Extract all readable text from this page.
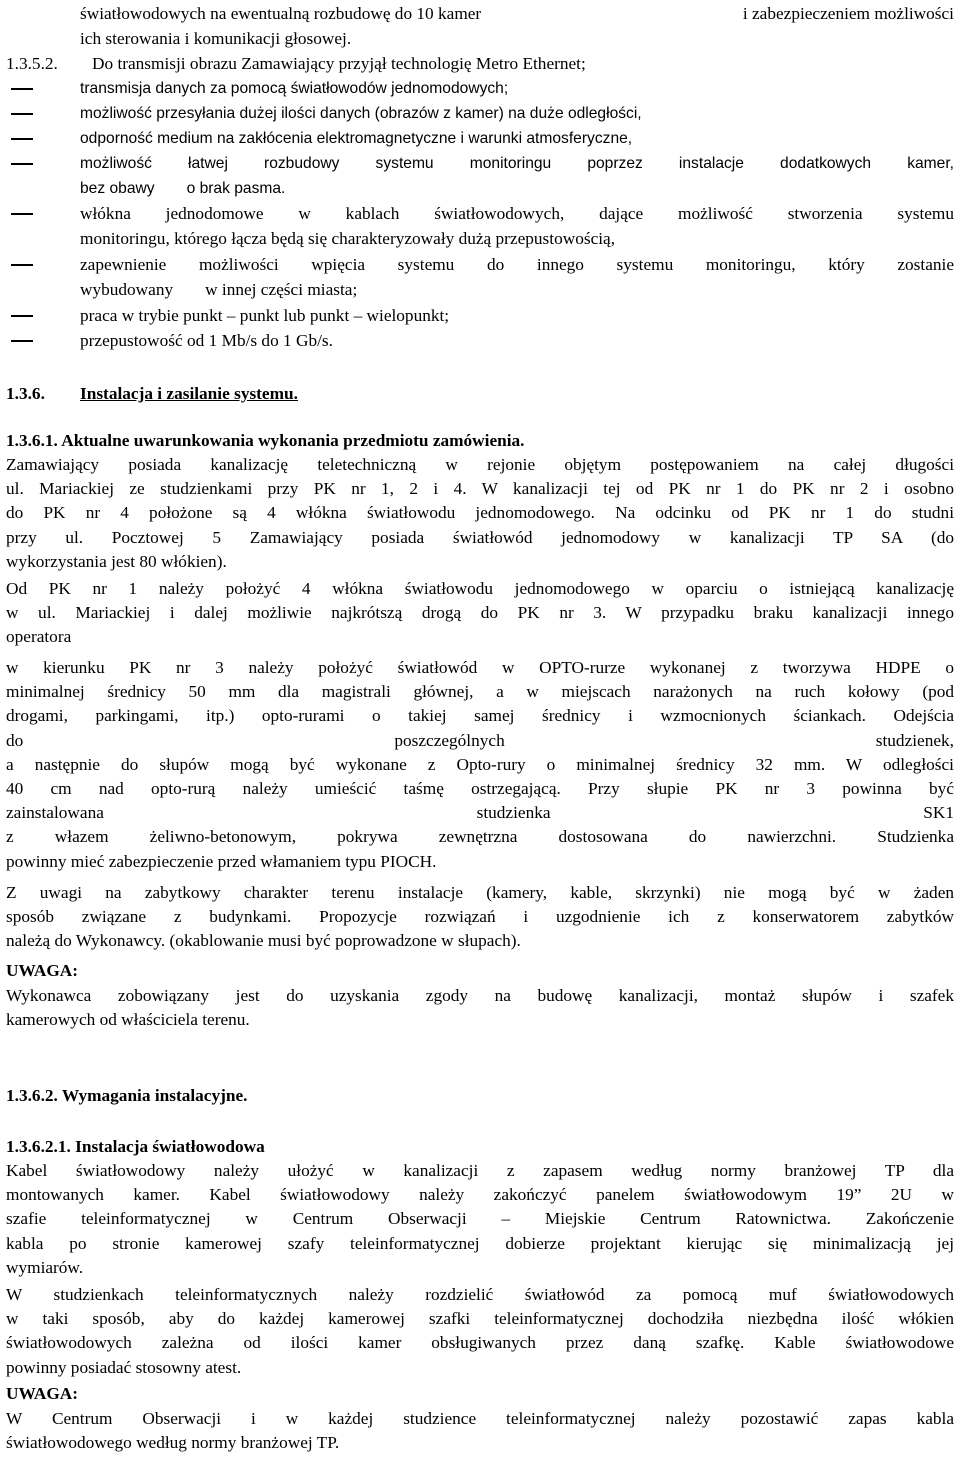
światłowodowych na ewentualną rozbudowę do 10 kamer	i zabezpieczeniem możliwości
ich sterowania i komunikacji głosowej.
1.3.5.2. Do transmisji obrazu Zamawiający przyjął technologię Metro Ethernet;
transmisja danych za pomocą światłowodów jednomodowych;
możliwość przesyłania dużej ilości danych (obrazów z kamer) na duże odległości,
odporność medium na zakłócenia elektromagnetyczne i warunki atmosferyczne,
możliwość łatwej rozbudowy systemu monitoringu poprzez instalacje dodatkowych kamer,
bez obawy o brak pasma.
włókna jednodomowe w kablach światłowodowych, dające możliwość stworzenia systemu
monitoringu, którego łącza będą się charakteryzowały dużą przepustowością,
zapewnienie możliwości wpięcia systemu do innego systemu monitoringu, który zostanie
wybudowany w innej części miasta;
praca w trybie punkt – punkt lub punkt – wielopunkt;
przepustowość od 1 Mb/s do 1 Gb/s.
1.3.6. Instalacja i zasilanie systemu.
1.3.6.1. Aktualne uwarunkowania wykonania przedmiotu zamówienia.
Zamawiający posiada kanalizację teletechniczną w rejonie objętym postępowaniem na całej długości
ul. Mariackiej ze studzienkami przy PK nr 1, 2 i 4. W kanalizacji tej od PK nr 1 do PK nr 2 i osobno
do PK nr 4 położone są 4 włókna światłowodu jednomodowego. Na odcinku od PK nr 1 do studni
przy ul. Pocztowej 5 Zamawiający posiada światłowód jednomodowy w kanalizacji TP SA (do
wykorzystania jest 80 włókien).
Od PK nr 1 należy położyć 4 włókna światłowodu jednomodowego w oparciu o istniejącą kanalizację
w ul. Mariackiej i dalej możliwie najkrótszą drogą do PK nr 3. W przypadku braku kanalizacji innego
operatora
w kierunku PK nr 3 należy położyć światłowód w OPTO-rurze wykonanej z tworzywa HDPE o
minimalnej średnicy 50 mm dla magistrali głównej, a w miejscach narażonych na ruch kołowy (pod
drogami, parkingami, itp.) opto-rurami o takiej samej średnicy i wzmocnionych ściankach. Odejścia
do poszczególnych studzienek,
a następnie do słupów mogą być wykonane z Opto-rury o minimalnej średnicy 32 mm. W odległości
40 cm nad opto-rurą należy umieścić taśmę ostrzegającą. Przy słupie PK nr 3 powinna być
zainstalowana studzienka SK1
z włazem żeliwno-betonowym, pokrywa zewnętrzna dostosowana do nawierzchni. Studzienka
powinny mieć zabezpieczenie przed włamaniem typu PIOCH.
Z uwagi na zabytkowy charakter terenu instalacje (kamery, kable, skrzynki) nie mogą być w żaden
sposób związane z budynkami. Propozycje rozwiązań i uzgodnienie ich z konserwatorem zabytków
należą do Wykonawcy. (okablowanie musi być poprowadzone w słupach).
UWAGA:
Wykonawca zobowiązany jest do uzyskania zgody na budowę kanalizacji, montaż słupów i szafek
kamerowych od właściciela terenu.
1.3.6.2. Wymagania instalacyjne.
1.3.6.2.1. Instalacja światłowodowa
Kabel światłowodowy należy ułożyć w kanalizacji z zapasem według normy branżowej TP dla
montowanych kamer. Kabel światłowodowy należy zakończyć panelem światłowodowym 19” 2U w
szafie teleinformatycznej w Centrum Obserwacji – Miejskie Centrum Ratownictwa. Zakończenie
kabla po stronie kamerowej szafy teleinformatycznej dobierze projektant kierując się minimalizacją jej
wymiarów.
W studzienkach teleinformatycznych należy rozdzielić światłowód za pomocą muf światłowodowych
w taki sposób, aby do każdej kamerowej szafki teleinformatycznej dochodziła niezbędna ilość włókien
światłowodowych zależna od ilości kamer obsługiwanych przez daną szafkę. Kable światłowodowe
powinny posiadać stosowny atest.
UWAGA:
W Centrum Obserwacji i w każdej studzience teleinformatycznej należy pozostawić zapas kabla
światłowodowego według normy branżowej TP.
